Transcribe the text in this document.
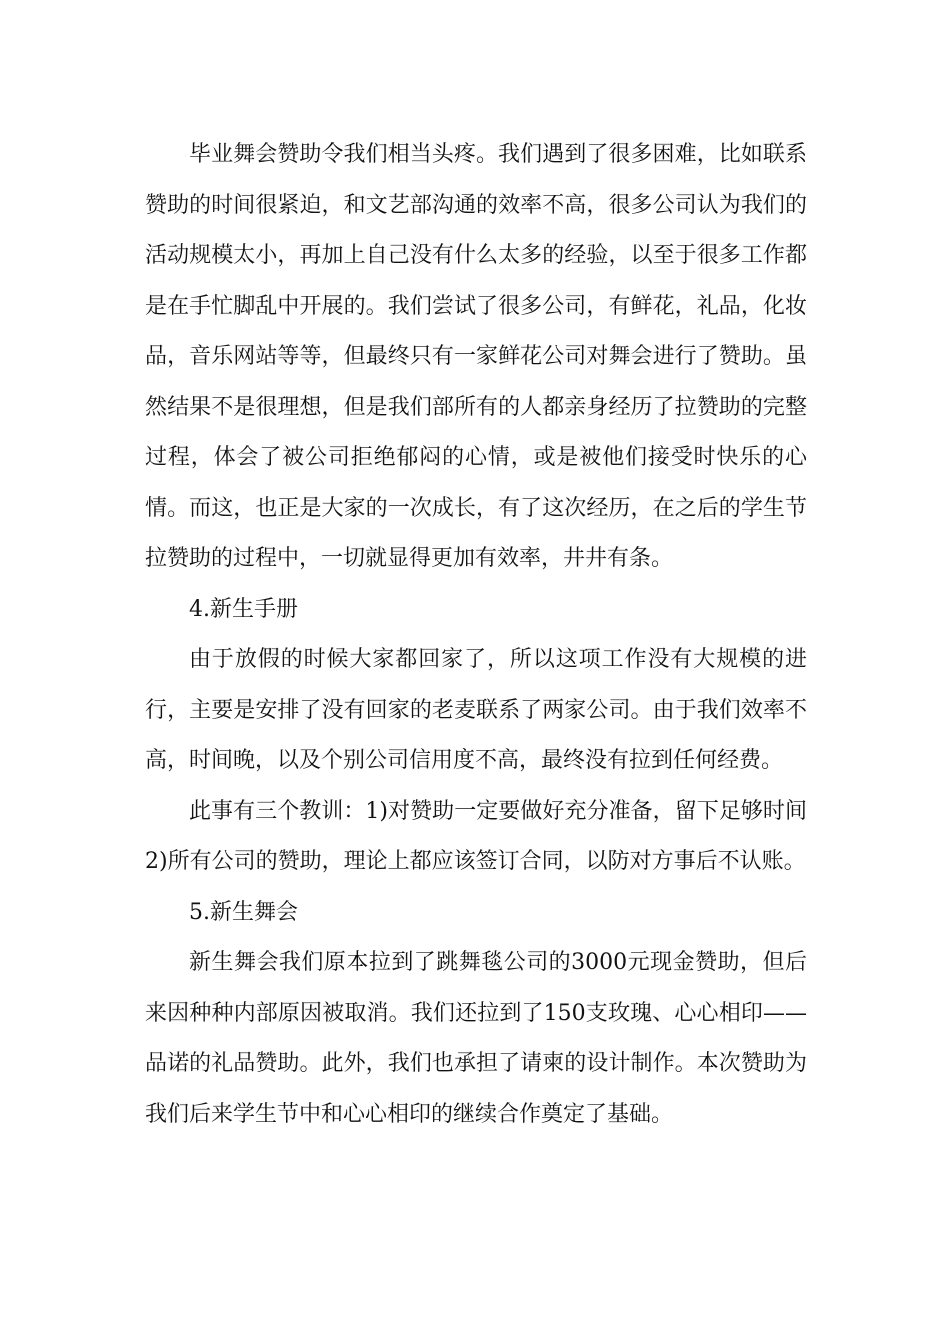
毕业舞会赞助令我们相当头疼。我们遇到了很多困难，比如联系赞助的时间很紧迫，和文艺部沟通的效率不高，很多公司认为我们的活动规模太小，再加上自己没有什么太多的经验，以至于很多工作都是在手忙脚乱中开展的。我们尝试了很多公司，有鲜花，礼品，化妆品，音乐网站等等，但最终只有一家鲜花公司对舞会进行了赞助。虽然结果不是很理想，但是我们部所有的人都亲身经历了拉赞助的完整过程，体会了被公司拒绝郁闷的心情，或是被他们接受时快乐的心情。而这，也正是大家的一次成长，有了这次经历，在之后的学生节拉赞助的过程中，一切就显得更加有效率，井井有条。

4.新生手册

由于放假的时候大家都回家了，所以这项工作没有大规模的进行，主要是安排了没有回家的老麦联系了两家公司。由于我们效率不高，时间晚，以及个别公司信用度不高，最终没有拉到任何经费。

此事有三个教训：1)对赞助一定要做好充分准备，留下足够时间 2)所有公司的赞助，理论上都应该签订合同，以防对方事后不认账。

5.新生舞会

新生舞会我们原本拉到了跳舞毯公司的3000元现金赞助，但后来因种种内部原因被取消。我们还拉到了150支玫瑰、心心相印——品诺的礼品赞助。此外，我们也承担了请柬的设计制作。本次赞助为我们后来学生节中和心心相印的继续合作奠定了基础。
